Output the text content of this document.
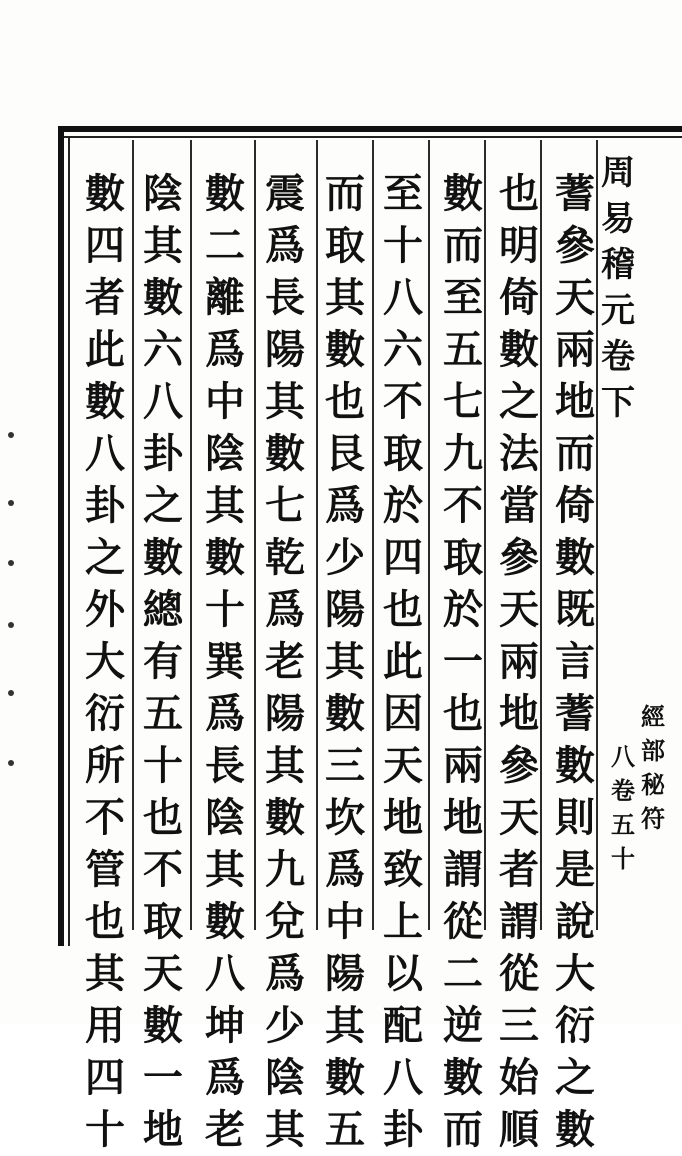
周
易
稽
元
卷
下
經
部
秘
符
八
卷
五
十
蓍
參
天
兩
地
而
倚
數
既
言
蓍
數
則
是
說
大
衍
之
數
也
明
倚
數
之
法
當
參
天
兩
地
參
天
者
謂
從
三
始
順
數
而
至
五
七
九
不
取
於
一
也
兩
地
謂
從
二
逆
數
而
至
十
八
六
不
取
於
四
也
此
因
天
地
致
上
以
配
八
卦
而
取
其
數
也
艮
爲
少
陽
其
數
三
坎
爲
中
陽
其
數
五
震
爲
長
陽
其
數
七
乾
爲
老
陽
其
數
九
兌
爲
少
陰
其
數
二
離
爲
中
陰
其
數
十
巽
爲
長
陰
其
數
八
坤
爲
老
陰
其
數
六
八
卦
之
數
總
有
五
十
也
不
取
天
數
一
地
數
四
者
此
數
八
卦
之
外
大
衍
所
不
管
也
其
用
四
十
